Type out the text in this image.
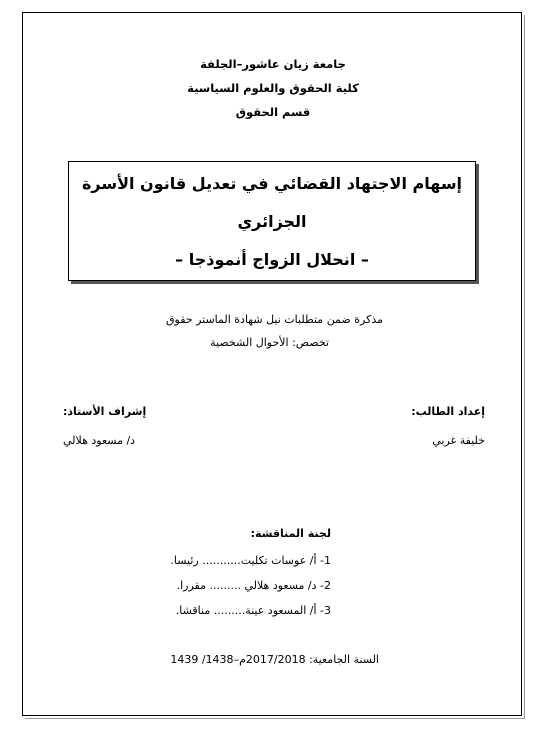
جامعة زيان عاشور–الجلفة
كلية الحقوق والعلوم السياسية
قسم الحقوق
إسهام الاجتهاد القضائي في تعديل قانون الأسرة
الجزائري
– انحلال الزواج أنموذجا –
مذكرة ضمن متطلبات نيل شهادة الماستر حقوق
تخصص: الأحوال الشخصية
إعداد الطالب:
خليفة غربي
إشراف الأستاذ:
د/ مسعود هلالي
لجنة المناقشة:
1- أ/ عوسات تكليت........... رئيسا.
2- د/ مسعود هلالي ......... مقررا.
3- أ/ المسعود عينة......... مناقشا.
السنة الجامعية: 2017/2018م–1438/ 1439
